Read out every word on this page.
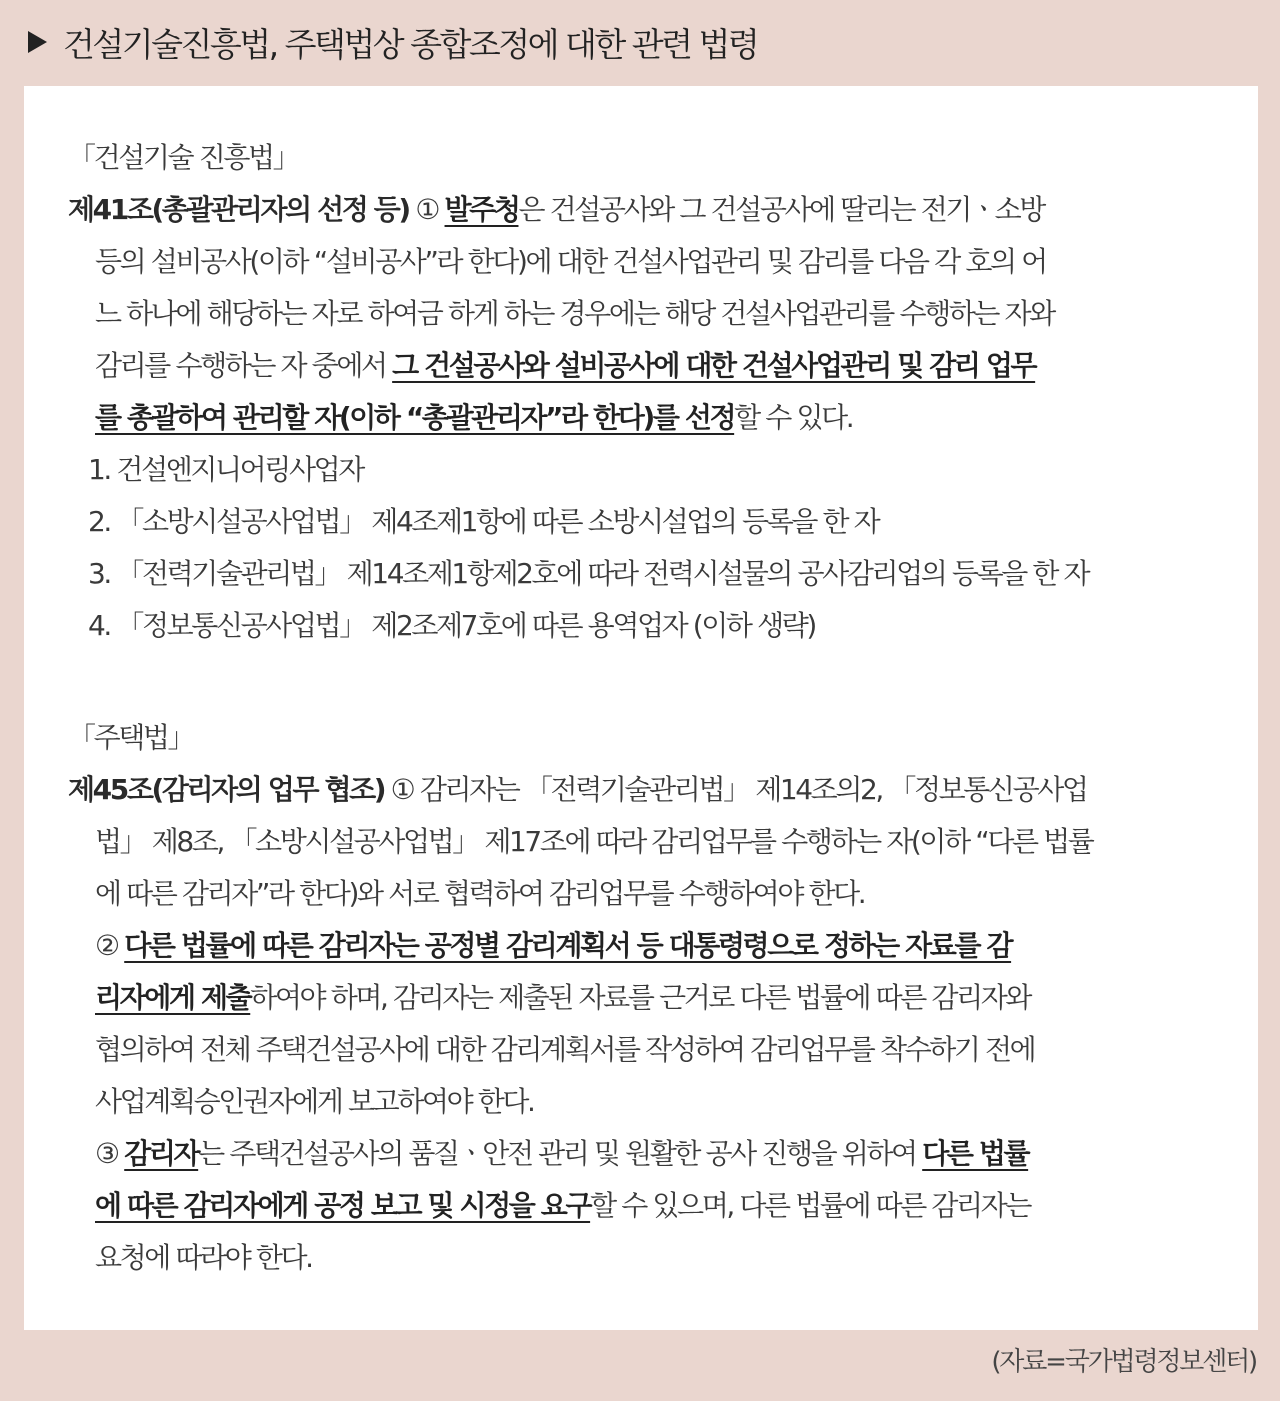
건설기술진흥법, 주택법상 종합조정에 대한 관련 법령
「건설기술 진흥법」
제41조(총괄관리자의 선정 등) ① 발주청은 건설공사와 그 건설공사에 딸리는 전기ㆍ소방
등의 설비공사(이하 “설비공사”라 한다)에 대한 건설사업관리 및 감리를 다음 각 호의 어
느 하나에 해당하는 자로 하여금 하게 하는 경우에는 해당 건설사업관리를 수행하는 자와
감리를 수행하는 자 중에서 그 건설공사와 설비공사에 대한 건설사업관리 및 감리 업무
를 총괄하여 관리할 자(이하 “총괄관리자”라 한다)를 선정할 수 있다.
1. 건설엔지니어링사업자
2. 「소방시설공사업법」 제4조제1항에 따른 소방시설업의 등록을 한 자
3. 「전력기술관리법」 제14조제1항제2호에 따라 전력시설물의 공사감리업의 등록을 한 자
4. 「정보통신공사업법」 제2조제7호에 따른 용역업자 (이하 생략)
「주택법」
제45조(감리자의 업무 협조) ① 감리자는 「전력기술관리법」 제14조의2, 「정보통신공사업
법」 제8조, 「소방시설공사업법」 제17조에 따라 감리업무를 수행하는 자(이하 “다른 법률
에 따른 감리자”라 한다)와 서로 협력하여 감리업무를 수행하여야 한다.
② 다른 법률에 따른 감리자는 공정별 감리계획서 등 대통령령으로 정하는 자료를 감
리자에게 제출하여야 하며, 감리자는 제출된 자료를 근거로 다른 법률에 따른 감리자와
협의하여 전체 주택건설공사에 대한 감리계획서를 작성하여 감리업무를 착수하기 전에
사업계획승인권자에게 보고하여야 한다.
③ 감리자는 주택건설공사의 품질ㆍ안전 관리 및 원활한 공사 진행을 위하여 다른 법률
에 따른 감리자에게 공정 보고 및 시정을 요구할 수 있으며, 다른 법률에 따른 감리자는
요청에 따라야 한다.
(자료=국가법령정보센터)
